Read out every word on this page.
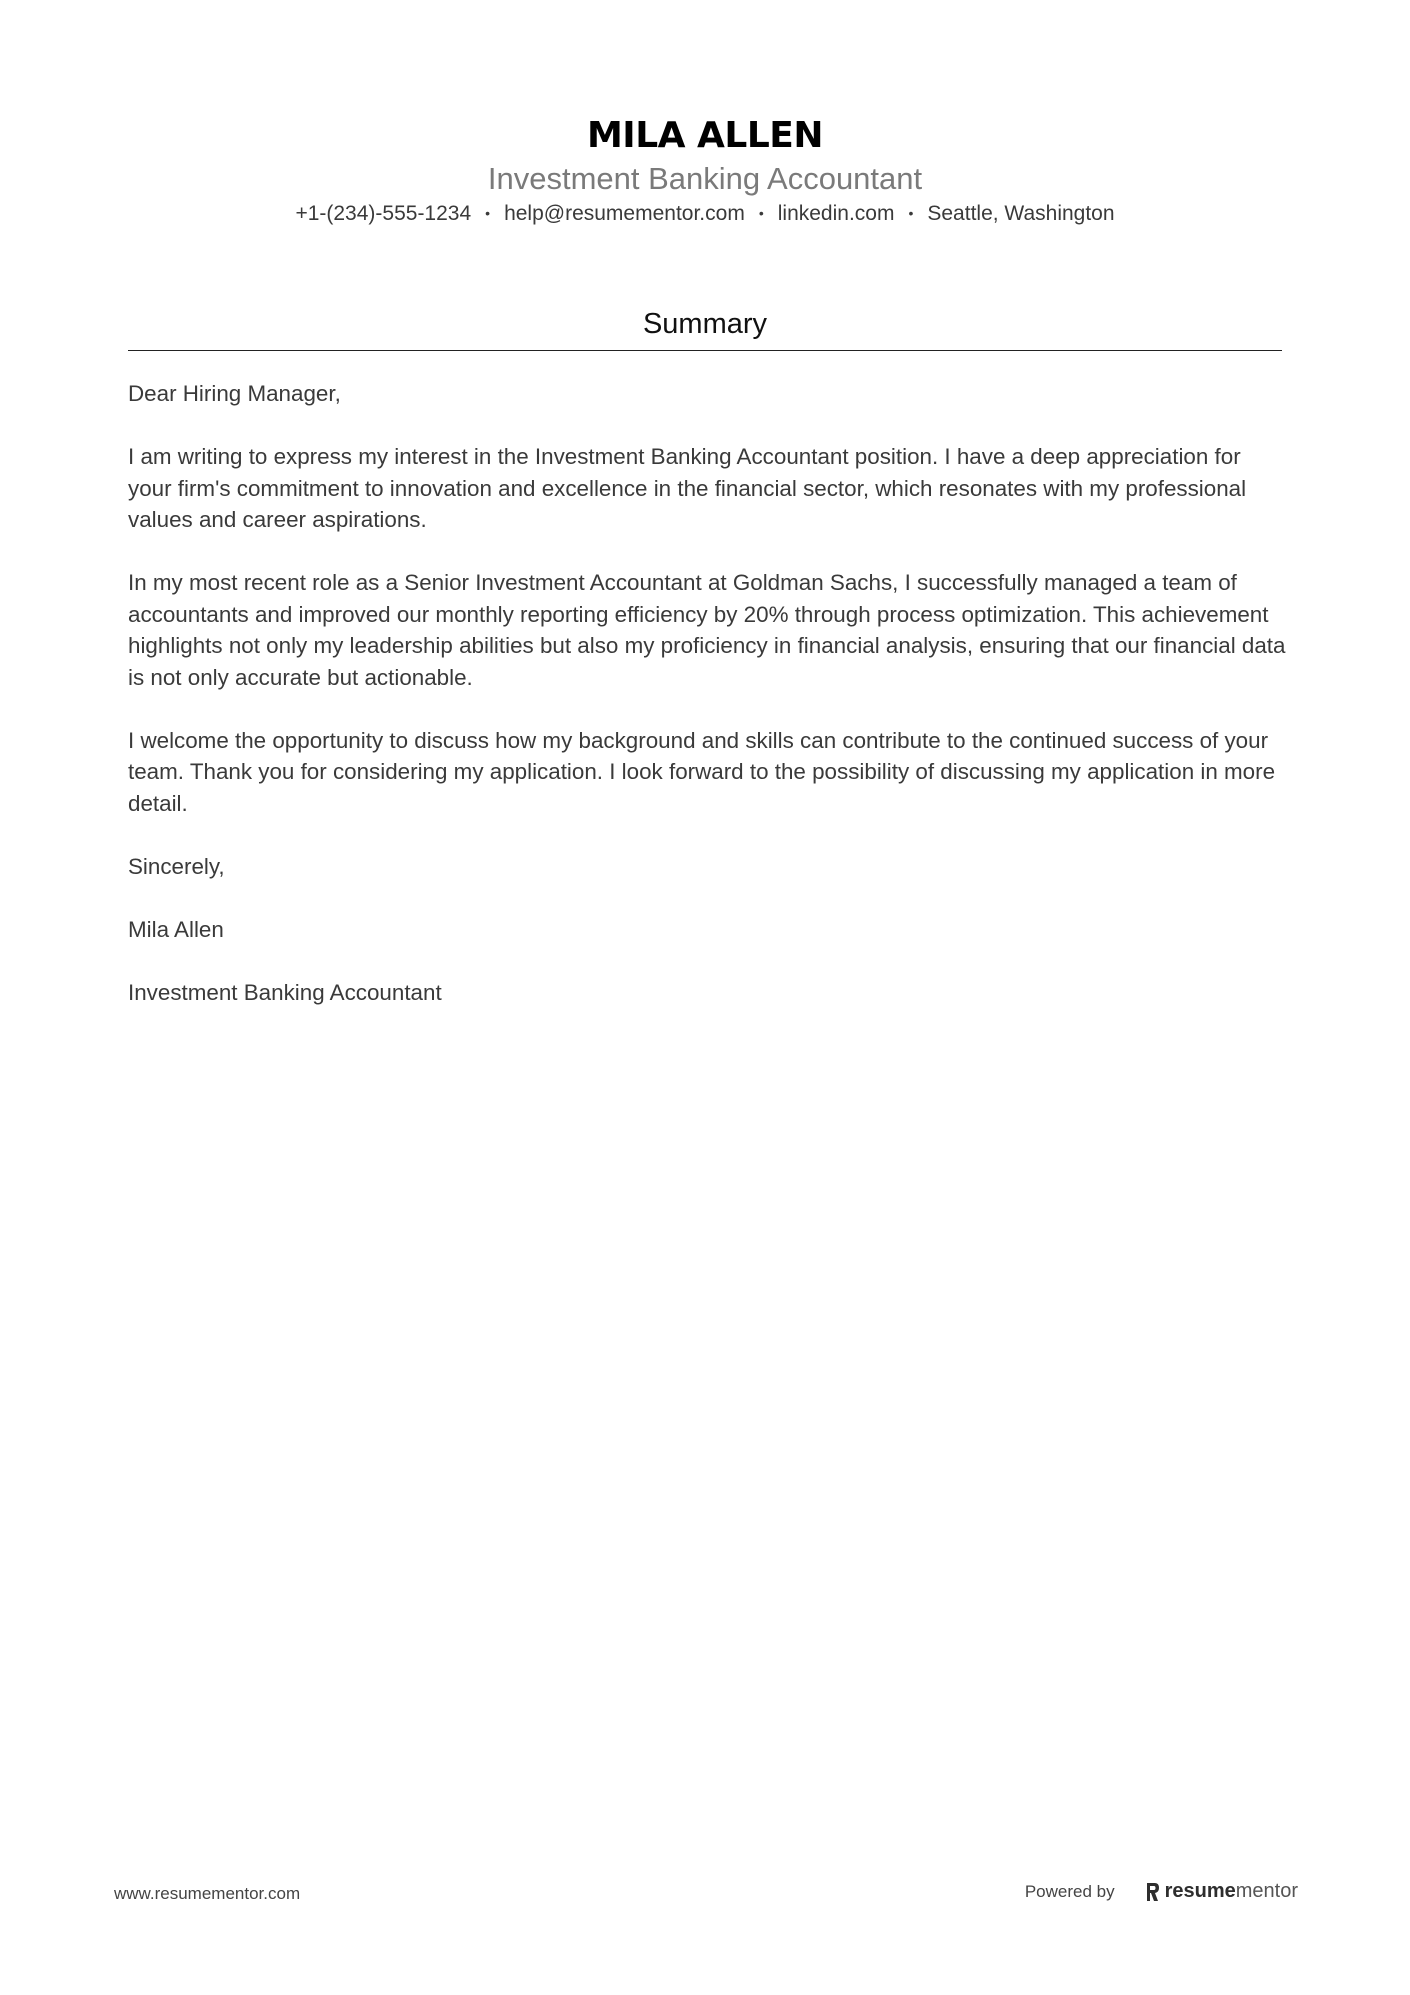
MILA ALLEN
Investment Banking Accountant
+1-(234)-555-1234 • help@resumementor.com • linkedin.com • Seattle, Washington
Summary

Dear Hiring Manager,

I am writing to express my interest in the Investment Banking Accountant position. I have a deep appreciation for your firm's commitment to innovation and excellence in the financial sector, which resonates with my professional values and career aspirations.

In my most recent role as a Senior Investment Accountant at Goldman Sachs, I successfully managed a team of accountants and improved our monthly reporting efficiency by 20% through process optimization. This achievement highlights not only my leadership abilities but also my proficiency in financial analysis, ensuring that our financial data is not only accurate but actionable.

I welcome the opportunity to discuss how my background and skills can contribute to the continued success of your team. Thank you for considering my application. I look forward to the possibility of discussing my application in more detail.

Sincerely,

Mila Allen

Investment Banking Accountant

www.resumementor.com	Powered by	resume mentor
